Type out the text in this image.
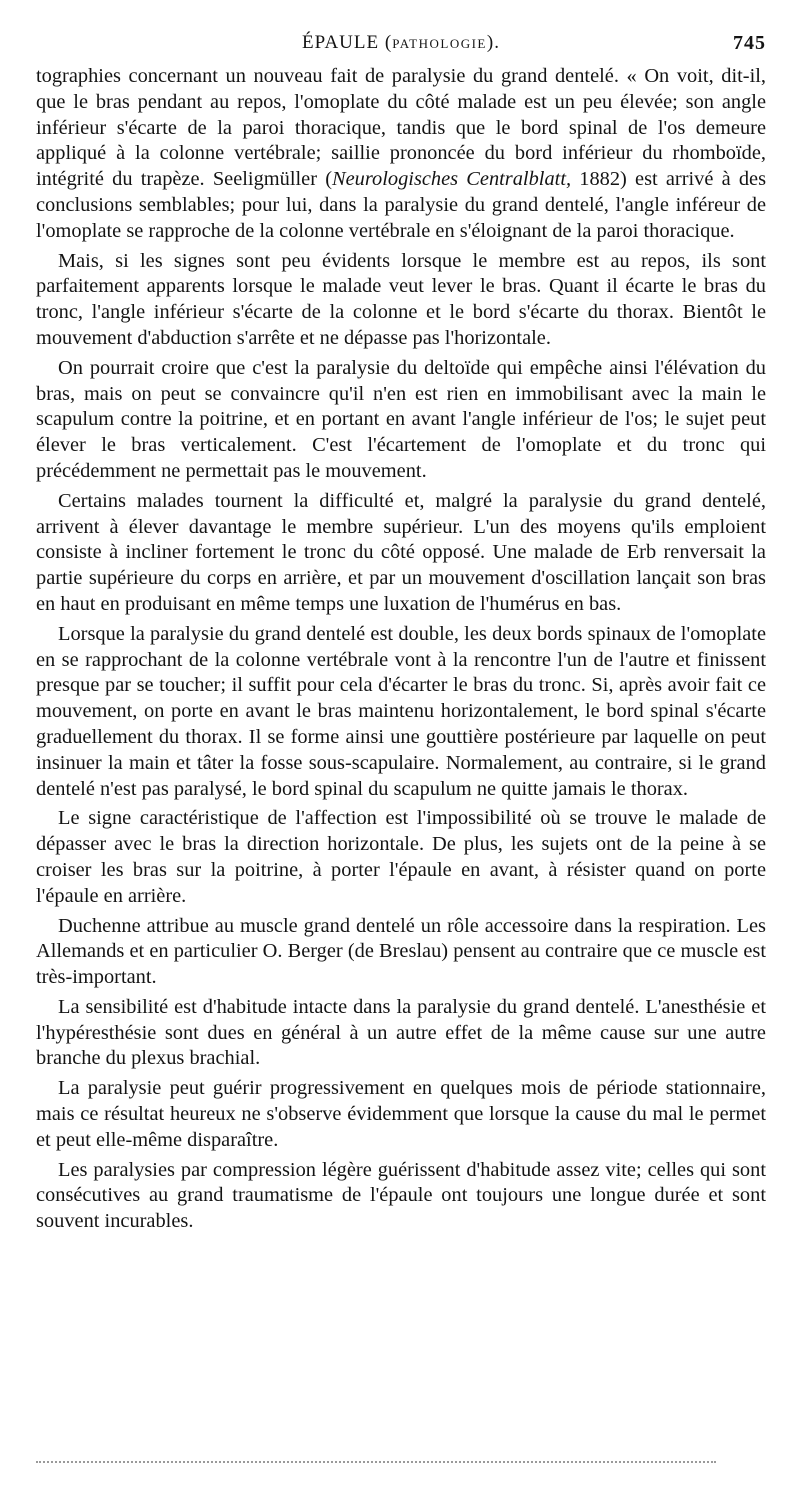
ÉPAULE (PATHOLOGIE).	745

tographies concernant un nouveau fait de paralysie du grand dentelé. « On voit, dit-il, que le bras pendant au repos, l'omoplate du côté malade est un peu élevée; son angle inférieur s'écarte de la paroi thoracique, tandis que le bord spinal de l'os demeure appliqué à la colonne vertébrale; saillie prononcée du bord inférieur du rhomboïde, intégrité du trapèze. Seeligmüller (Neurologisches Centralblatt, 1882) est arrivé à des conclusions semblables; pour lui, dans la paralysie du grand dentelé, l'angle inféreur de l'omoplate se rapproche de la colonne vertébrale en s'éloignant de la paroi thoracique.

Mais, si les signes sont peu évidents lorsque le membre est au repos, ils sont parfaitement apparents lorsque le malade veut lever le bras. Quant il écarte le bras du tronc, l'angle inférieur s'écarte de la colonne et le bord s'écarte du thorax. Bientôt le mouvement d'abduction s'arrête et ne dépasse pas l'horizontale.

On pourrait croire que c'est la paralysie du deltoïde qui empêche ainsi l'élévation du bras, mais on peut se convaincre qu'il n'en est rien en immobilisant avec la main le scapulum contre la poitrine, et en portant en avant l'angle inférieur de l'os; le sujet peut élever le bras verticalement. C'est l'écartement de l'omoplate et du tronc qui précédemment ne permettait pas le mouvement.

Certains malades tournent la difficulté et, malgré la paralysie du grand dentelé, arrivent à élever davantage le membre supérieur. L'un des moyens qu'ils emploient consiste à incliner fortement le tronc du côté opposé. Une malade de Erb renversait la partie supérieure du corps en arrière, et par un mouvement d'oscillation lançait son bras en haut en produisant en même temps une luxation de l'humérus en bas.

Lorsque la paralysie du grand dentelé est double, les deux bords spinaux de l'omoplate en se rapprochant de la colonne vertébrale vont à la rencontre l'un de l'autre et finissent presque par se toucher; il suffit pour cela d'écarter le bras du tronc. Si, après avoir fait ce mouvement, on porte en avant le bras maintenu horizontalement, le bord spinal s'écarte graduellement du thorax. Il se forme ainsi une gouttière postérieure par laquelle on peut insinuer la main et tâter la fosse sous-scapulaire. Normalement, au contraire, si le grand dentelé n'est pas paralysé, le bord spinal du scapulum ne quitte jamais le thorax.

Le signe caractéristique de l'affection est l'impossibilité où se trouve le malade de dépasser avec le bras la direction horizontale. De plus, les sujets ont de la peine à se croiser les bras sur la poitrine, à porter l'épaule en avant, à résister quand on porte l'épaule en arrière.

Duchenne attribue au muscle grand dentelé un rôle accessoire dans la respiration. Les Allemands et en particulier O. Berger (de Breslau) pensent au contraire que ce muscle est très-important.

La sensibilité est d'habitude intacte dans la paralysie du grand dentelé. L'anesthésie et l'hypéresthésie sont dues en général à un autre effet de la même cause sur une autre branche du plexus brachial.

La paralysie peut guérir progressivement en quelques mois de période stationnaire, mais ce résultat heureux ne s'observe évidemment que lorsque la cause du mal le permet et peut elle-même disparaître.

Les paralysies par compression légère guérissent d'habitude assez vite; celles qui sont consécutives au grand traumatisme de l'épaule ont toujours une longue durée et sont souvent incurables.
